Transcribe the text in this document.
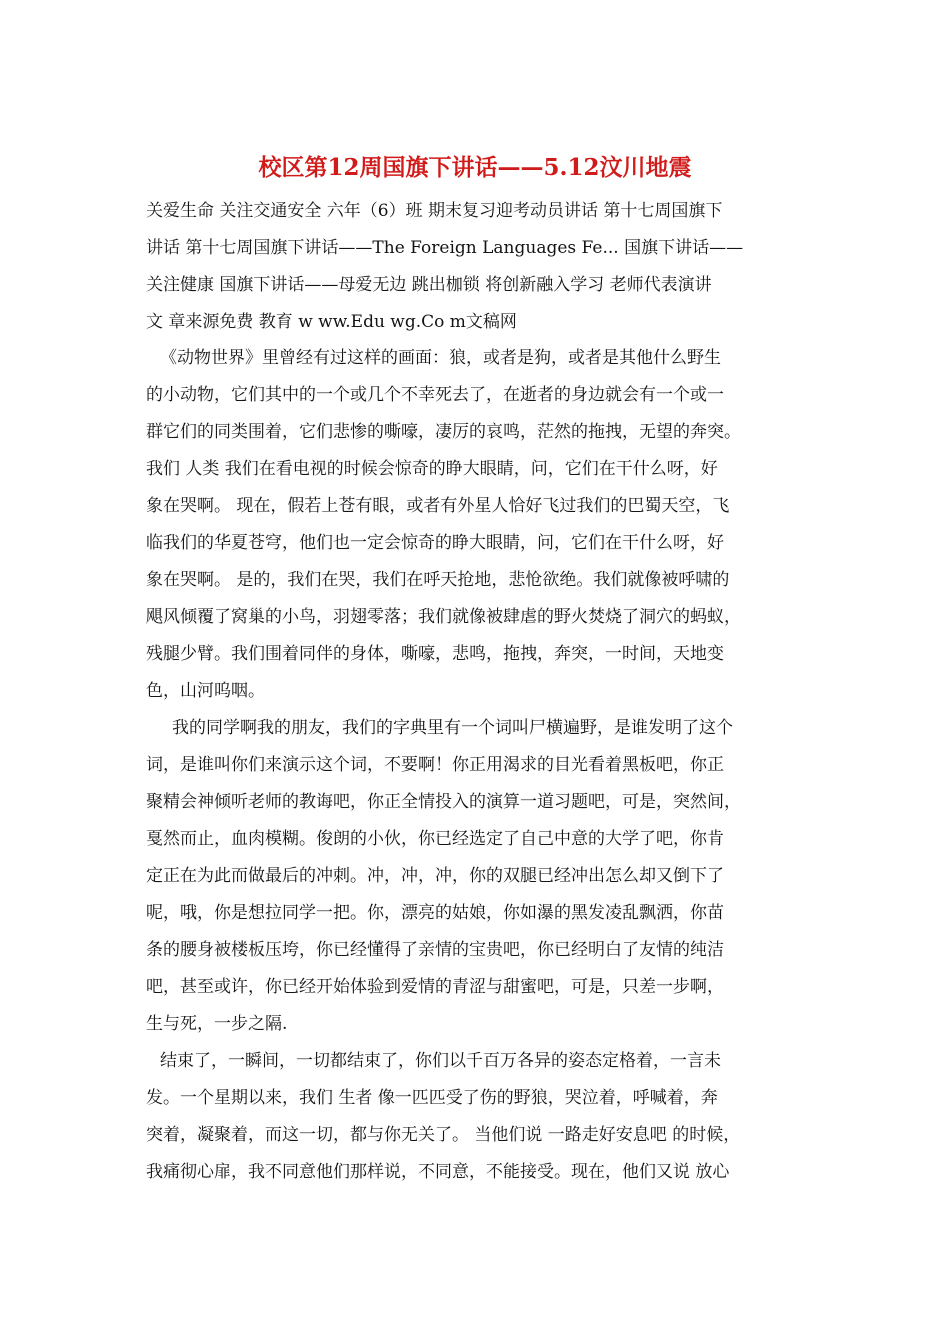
校区第12周国旗下讲话——5.12汶川地震
关爱生命 关注交通安全 六年（6）班 期末复习迎考动员讲话 第十七周国旗下
讲话 第十七周国旗下讲话——The Foreign Languages Fe... 国旗下讲话——
关注健康 国旗下讲话——母爱无边 跳出枷锁 将创新融入学习 老师代表演讲
文 章来源免费 教育 w ww.Edu wg.Co m文稿网
《动物世界》里曾经有过这样的画面：狼，或者是狗，或者是其他什么野生
的小动物，它们其中的一个或几个不幸死去了，在逝者的身边就会有一个或一
群它们的同类围着，它们悲惨的嘶嚎，凄厉的哀鸣，茫然的拖拽，无望的奔突。
我们 人类 我们在看电视的时候会惊奇的睁大眼睛，问，它们在干什么呀，好
象在哭啊。 现在，假若上苍有眼，或者有外星人恰好飞过我们的巴蜀天空，飞
临我们的华夏苍穹，他们也一定会惊奇的睁大眼睛，问，它们在干什么呀，好
象在哭啊。 是的，我们在哭，我们在呼天抢地，悲怆欲绝。我们就像被呼啸的
飓风倾覆了窝巢的小鸟，羽翅零落；我们就像被肆虐的野火焚烧了洞穴的蚂蚁，
残腿少臂。我们围着同伴的身体，嘶嚎，悲鸣，拖拽，奔突，一时间，天地变
色，山河呜咽。
我的同学啊我的朋友，我们的字典里有一个词叫尸横遍野，是谁发明了这个
词，是谁叫你们来演示这个词，不要啊！你正用渴求的目光看着黑板吧，你正
聚精会神倾听老师的教诲吧，你正全情投入的演算一道习题吧，可是，突然间，
戛然而止，血肉模糊。俊朗的小伙，你已经选定了自己中意的大学了吧，你肯
定正在为此而做最后的冲刺。冲，冲，冲，你的双腿已经冲出怎么却又倒下了
呢，哦，你是想拉同学一把。你，漂亮的姑娘，你如瀑的黑发凌乱飘洒，你苗
条的腰身被楼板压垮，你已经懂得了亲情的宝贵吧，你已经明白了友情的纯洁
吧，甚至或许，你已经开始体验到爱情的青涩与甜蜜吧，可是，只差一步啊，
生与死，一步之隔.
结束了，一瞬间，一切都结束了，你们以千百万各异的姿态定格着，一言未
发。一个星期以来，我们 生者 像一匹匹受了伤的野狼，哭泣着，呼喊着，奔
突着，凝聚着，而这一切，都与你无关了。 当他们说 一路走好安息吧 的时候，
我痛彻心扉，我不同意他们那样说，不同意，不能接受。现在，他们又说 放心
